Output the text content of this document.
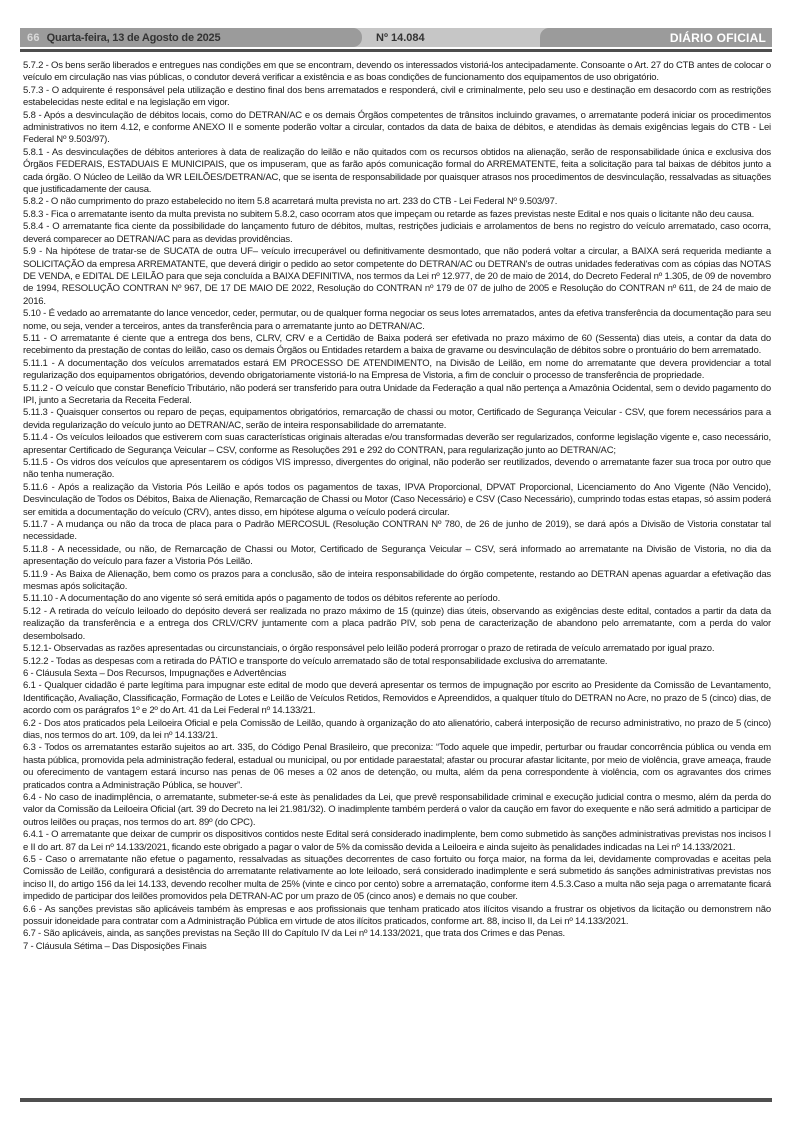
66 Quarta-feira, 13 de Agosto de 2025	Nº 14.084	DIÁRIO OFICIAL

5.7.2 - Os bens serão liberados e entregues nas condições em que se encontram, devendo os interessados vistoriá-los antecipadamente. Consoante o Art. 27 do CTB antes de colocar o veículo em circulação nas vias públicas, o condutor deverá verificar a existência e as boas condições de funcionamento dos equipamentos de uso obrigatório.

5.7.3 - O adquirente é responsável pela utilização e destino final dos bens arrematados e responderá, civil e criminalmente, pelo seu uso e destinação em desacordo com as restrições estabelecidas neste edital e na legislação em vigor.

5.8 - Após a desvinculação de débitos locais, como do DETRAN/AC e os demais Órgãos competentes de trânsitos incluindo gravames, o arrematante poderá iniciar os procedimentos administrativos no item 4.12, e conforme ANEXO II e somente poderão voltar a circular, contados da data de baixa de débitos, e atendidas às demais exigências legais do CTB - Lei Federal Nº 9.503/97).

5.8.1 - As desvinculações de débitos anteriores à data de realização do leilão e não quitados com os recursos obtidos na alienação, serão de responsabilidade única e exclusiva dos Órgãos FEDERAIS, ESTADUAIS E MUNICIPAIS, que os impuseram, que as farão após comunicação formal do ARREMATENTE, feita a solicitação para tal baixas de débitos junto a cada órgão. O Núcleo de Leilão da WR LEILÕES/DETRAN/AC, que se isenta de responsabilidade por quaisquer atrasos nos procedimentos de desvinculação, ressalvadas as situações que justificadamente der causa.

5.8.2 - O não cumprimento do prazo estabelecido no item 5.8 acarretará multa prevista no art. 233 do CTB - Lei Federal Nº 9.503/97.

5.8.3 - Fica o arrematante isento da multa prevista no subitem 5.8.2, caso ocorram atos que impeçam ou retarde as fazes previstas neste Edital e nos quais o licitante não deu causa.

5.8.4 - O arrematante fica ciente da possibilidade do lançamento futuro de débitos, multas, restrições judiciais e arrolamentos de bens no registro do veículo arrematado, caso ocorra, deverá comparecer ao DETRAN/AC para as devidas providências.

5.9 - Na hipótese de tratar-se de SUCATA de outra UF– veículo irrecuperável ou definitivamente desmontado, que não poderá voltar a circular, a BAIXA será requerida mediante a SOLICITAÇÃO da empresa ARREMATANTE, que deverá dirigir o pedido ao setor competente do DETRAN/AC ou DETRAN's de outras unidades federativas com as cópias das NOTAS DE VENDA, e EDITAL DE LEILÃO para que seja concluída a BAIXA DEFINITIVA, nos termos da Lei nº 12.977, de 20 de maio de 2014, do Decreto Federal nº 1.305, de 09 de novembro de 1994, RESOLUÇÃO CONTRAN Nº 967, DE 17 DE MAIO DE 2022, Resolução do CONTRAN nº 179 de 07 de julho de 2005 e Resolução do CONTRAN nº 611, de 24 de maio de 2016.

5.10 - É vedado ao arrematante do lance vencedor, ceder, permutar, ou de qualquer forma negociar os seus lotes arrematados, antes da efetiva transferência da documentação para seu nome, ou seja, vender a terceiros, antes da transferência para o arrematante junto ao DETRAN/AC.

5.11 - O arrematante é ciente que a entrega dos bens, CLRV, CRV e a Certidão de Baixa poderá ser efetivada no prazo máximo de 60 (Sessenta) dias uteis, a contar da data do recebimento da prestação de contas do leilão, caso os demais Órgãos ou Entidades retardem a baixa de gravame ou desvinculação de débitos sobre o prontuário do bem arrematado.

5.11.1 - A documentação dos veículos arrematados estará EM PROCESSO DE ATENDIMENTO, na Divisão de Leilão, em nome do arrematante que devera providenciar a total regularização dos equipamentos obrigatórios, devendo obrigatoriamente vistoriá-lo na Empresa de Vistoria, a fim de concluir o processo de transferência de propriedade.

5.11.2 - O veículo que constar Benefício Tributário, não poderá ser transferido para outra Unidade da Federação a qual não pertença a Amazônia Ocidental, sem o devido pagamento do IPI, junto a Secretaria da Receita Federal.

5.11.3 - Quaisquer consertos ou reparo de peças, equipamentos obrigatórios, remarcação de chassi ou motor, Certificado de Segurança Veicular - CSV, que forem necessários para a devida regularização do veículo junto ao DETRAN/AC, serão de inteira responsabilidade do arrematante.

5.11.4 - Os veículos leiloados que estiverem com suas características originais alteradas e/ou transformadas deverão ser regularizados, conforme legislação vigente e, caso necessário, apresentar Certificado de Segurança Veicular – CSV, conforme as Resoluções 291 e 292 do CONTRAN, para regularização junto ao DETRAN/AC;

5.11.5 - Os vidros dos veículos que apresentarem os códigos VIS impresso, divergentes do original, não poderão ser reutilizados, devendo o arrematante fazer sua troca por outro que não tenha numeração.

5.11.6 - Após a realização da Vistoria Pós Leilão e após todos os pagamentos de taxas, IPVA Proporcional, DPVAT Proporcional, Licenciamento do Ano Vigente (Não Vencido), Desvinculação de Todos os Débitos, Baixa de Alienação, Remarcação de Chassi ou Motor (Caso Necessário) e CSV (Caso Necessário), cumprindo todas estas etapas, só assim poderá ser emitida a documentação do veículo (CRV), antes disso, em hipótese alguma o veículo poderá circular.

5.11.7 - A mudança ou não da troca de placa para o Padrão MERCOSUL (Resolução CONTRAN Nº 780, de 26 de junho de 2019), se dará após a Divisão de Vistoria constatar tal necessidade.

5.11.8 - A necessidade, ou não, de Remarcação de Chassi ou Motor, Certificado de Segurança Veicular – CSV, será informado ao arrematante na Divisão de Vistoria, no dia da apresentação do veículo para fazer a Vistoria Pós Leilão.

5.11.9 - As Baixa de Alienação, bem como os prazos para a conclusão, são de inteira responsabilidade do órgão competente, restando ao DETRAN apenas aguardar a efetivação das mesmas após solicitação.

5.11.10 - A documentação do ano vigente só será emitida após o pagamento de todos os débitos referente ao período.

5.12 - A retirada do veículo leiloado do depósito deverá ser realizada no prazo máximo de 15 (quinze) dias úteis, observando as exigências deste edital, contados a partir da data da realização da transferência e a entrega dos CRLV/CRV juntamente com a placa padrão PIV, sob pena de caracterização de abandono pelo arrematante, com a perda do valor desembolsado.

5.12.1- Observadas as razões apresentadas ou circunstanciais, o órgão responsável pelo leilão poderá prorrogar o prazo de retirada de veículo arrematado por igual prazo.

5.12.2 - Todas as despesas com a retirada do PÁTIO e transporte do veículo arrematado são de total responsabilidade exclusiva do arrematante.

6 - Cláusula Sexta – Dos Recursos, Impugnações e Advertências

6.1 - Qualquer cidadão é parte legítima para impugnar este edital de modo que deverá apresentar os termos de impugnação por escrito ao Presidente da Comissão de Levantamento, Identificação, Avaliação, Classificação, Formação de Lotes e Leilão de Veículos Retidos, Removidos e Apreendidos, a qualquer título do DETRAN no Acre, no prazo de 5 (cinco) dias, de acordo com os parágrafos 1º e 2º do Art. 41 da Lei Federal nº 14.133/21.

6.2 - Dos atos praticados pela Leiloeira Oficial e pela Comissão de Leilão, quando à organização do ato alienatório, caberá interposição de recurso administrativo, no prazo de 5 (cinco) dias, nos termos do art. 109, da lei nº 14.133/21.

6.3 - Todos os arrematantes estarão sujeitos ao art. 335, do Código Penal Brasileiro, que preconiza: “Todo aquele que impedir, perturbar ou fraudar concorrência pública ou venda em hasta pública, promovida pela administração federal, estadual ou municipal, ou por entidade paraestatal; afastar ou procurar afastar licitante, por meio de violência, grave ameaça, fraude ou oferecimento de vantagem estará incurso nas penas de 06 meses a 02 anos de detenção, ou multa, além da pena correspondente à violência, com os agravantes dos crimes praticados contra a Administração Pública, se houver”.

6.4 - No caso de inadimplência, o arrematante, submeter-se-á este às penalidades da Lei, que prevê responsabilidade criminal e execução judicial contra o mesmo, além da perda do valor da Comissão da Leiloeira Oficial (art. 39 do Decreto na lei 21.981/32). O inadimplente também perderá o valor da caução em favor do exequente e não será admitido a participar de outros leilões ou praças, nos termos do art. 89º (do CPC).

6.4.1 - O arrematante que deixar de cumprir os dispositivos contidos neste Edital será considerado inadimplente, bem como submetido às sanções administrativas previstas nos incisos I e II do art. 87 da Lei nº 14.133/2021, ficando este obrigado a pagar o valor de 5% da comissão devida a Leiloeira e ainda sujeito às penalidades indicadas na Lei nº 14.133/2021.

6.5 - Caso o arrematante não efetue o pagamento, ressalvadas as situações decorrentes de caso fortuito ou força maior, na forma da lei, devidamente comprovadas e aceitas pela Comissão de Leilão, configurará a desistência do arrematante relativamente ao lote leiloado, será considerado inadimplente e será submetido ás sanções administrativas previstas nos inciso II, do artigo 156 da lei 14.133, devendo recolher multa de 25% (vinte e cinco por cento) sobre a arrematação, conforme item 4.5.3.Caso a multa não seja paga o arrematante ficará impedido de participar dos leilões promovidos pela DETRAN-AC por um prazo de 05 (cinco anos) e demais no que couber.

6.6 - As sanções previstas são aplicáveis também às empresas e aos profissionais que tenham praticado atos ilícitos visando a frustrar os objetivos da licitação ou demonstrem não possuir idoneidade para contratar com a Administração Pública em virtude de atos ilícitos praticados, conforme art. 88, inciso II, da Lei nº 14.133/2021.

6.7 - São aplicáveis, ainda, as sanções previstas na Seção III do Capítulo IV da Lei nº 14.133/2021, que trata dos Crimes e das Penas.

7 - Cláusula Sétima – Das Disposições Finais
